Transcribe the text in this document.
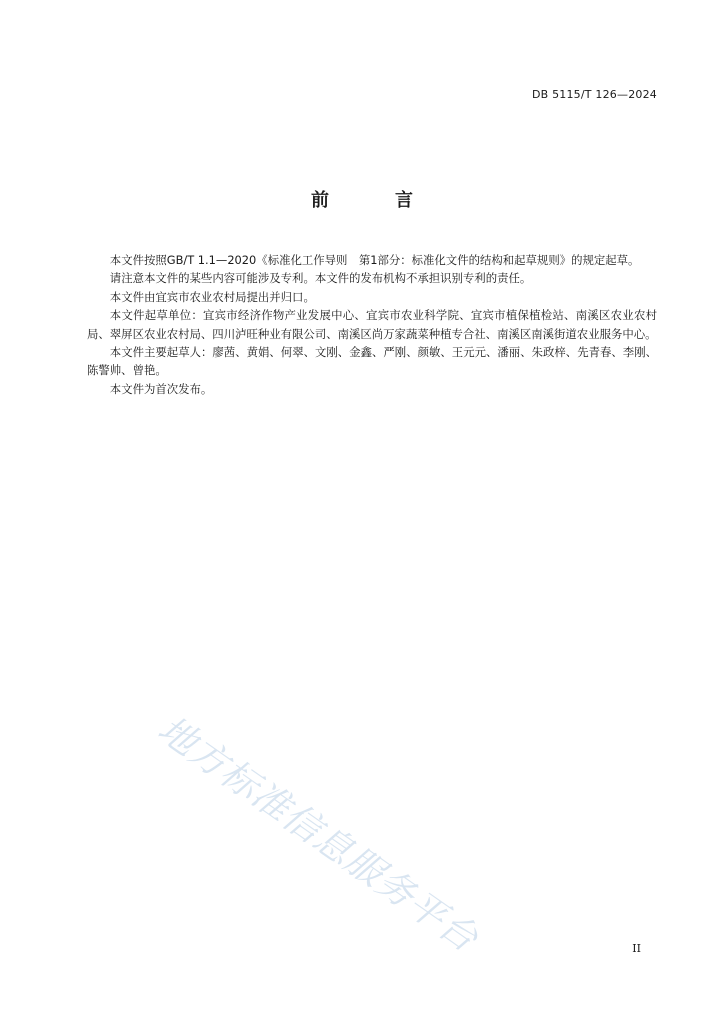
DB 5115/T 126—2024
前　言

本文件按照GB/T 1.1—2020《标准化工作导则　第1部分：标准化文件的结构和起草规则》的规定起草。

请注意本文件的某些内容可能涉及专利。本文件的发布机构不承担识别专利的责任。

本文件由宜宾市农业农村局提出并归口。

本文件起草单位：宜宾市经济作物产业发展中心、宜宾市农业科学院、宜宾市植保植检站、南溪区农业农村局、翠屏区农业农村局、四川泸旺种业有限公司、南溪区尚万家蔬菜种植专合社、南溪区南溪街道农业服务中心。

本文件主要起草人：廖茜、黄娟、何翠、文刚、金鑫、严刚、颜敏、王元元、潘丽、朱政梓、先青春、李刚、陈警帅、曾艳。

本文件为首次发布。

地方标准信息服务平台	II
